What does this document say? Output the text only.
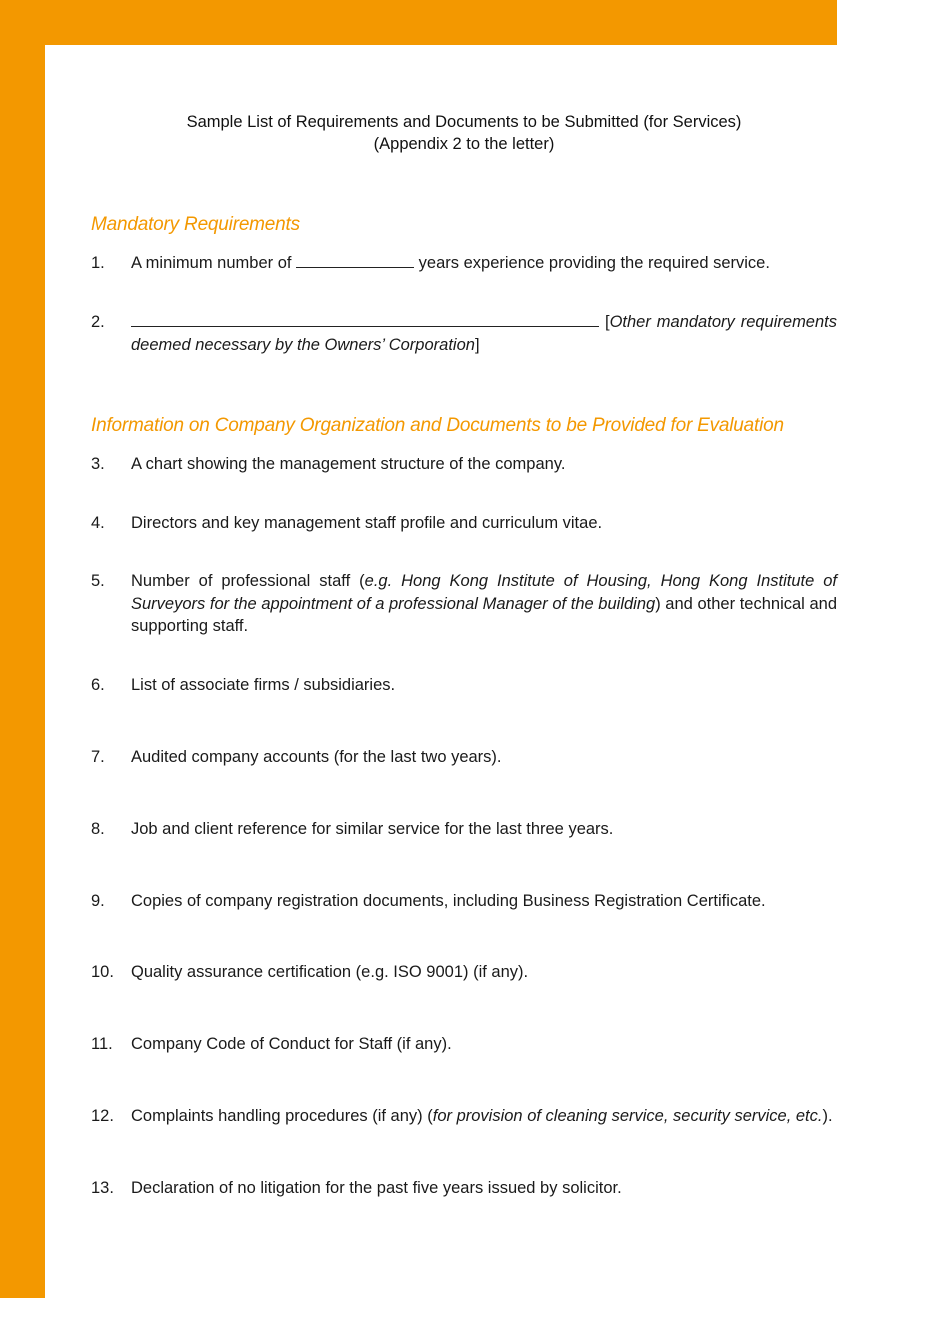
Sample List of Requirements and Documents to be Submitted (for Services)
(Appendix 2 to the letter)
Mandatory Requirements
1. A minimum number of	years experience providing the required service.
2.	[Other mandatory requirements deemed necessary by the Owners’ Corporation]
Information on Company Organization and Documents to be Provided for Evaluation
3. A chart showing the management structure of the company.
4. Directors and key management staff profile and curriculum vitae.
5. Number of professional staff (e.g. Hong Kong Institute of Housing, Hong Kong Institute of Surveyors for the appointment of a professional Manager of the building) and other technical and supporting staff.
6. List of associate firms / subsidiaries.
7. Audited company accounts (for the last two years).
8. Job and client reference for similar service for the last three years.
9. Copies of company registration documents, including Business Registration Certificate.
10. Quality assurance certification (e.g. ISO 9001) (if any).
11. Company Code of Conduct for Staff (if any).
12. Complaints handling procedures (if any) (for provision of cleaning service, security service, etc.).
13. Declaration of no litigation for the past five years issued by solicitor.
